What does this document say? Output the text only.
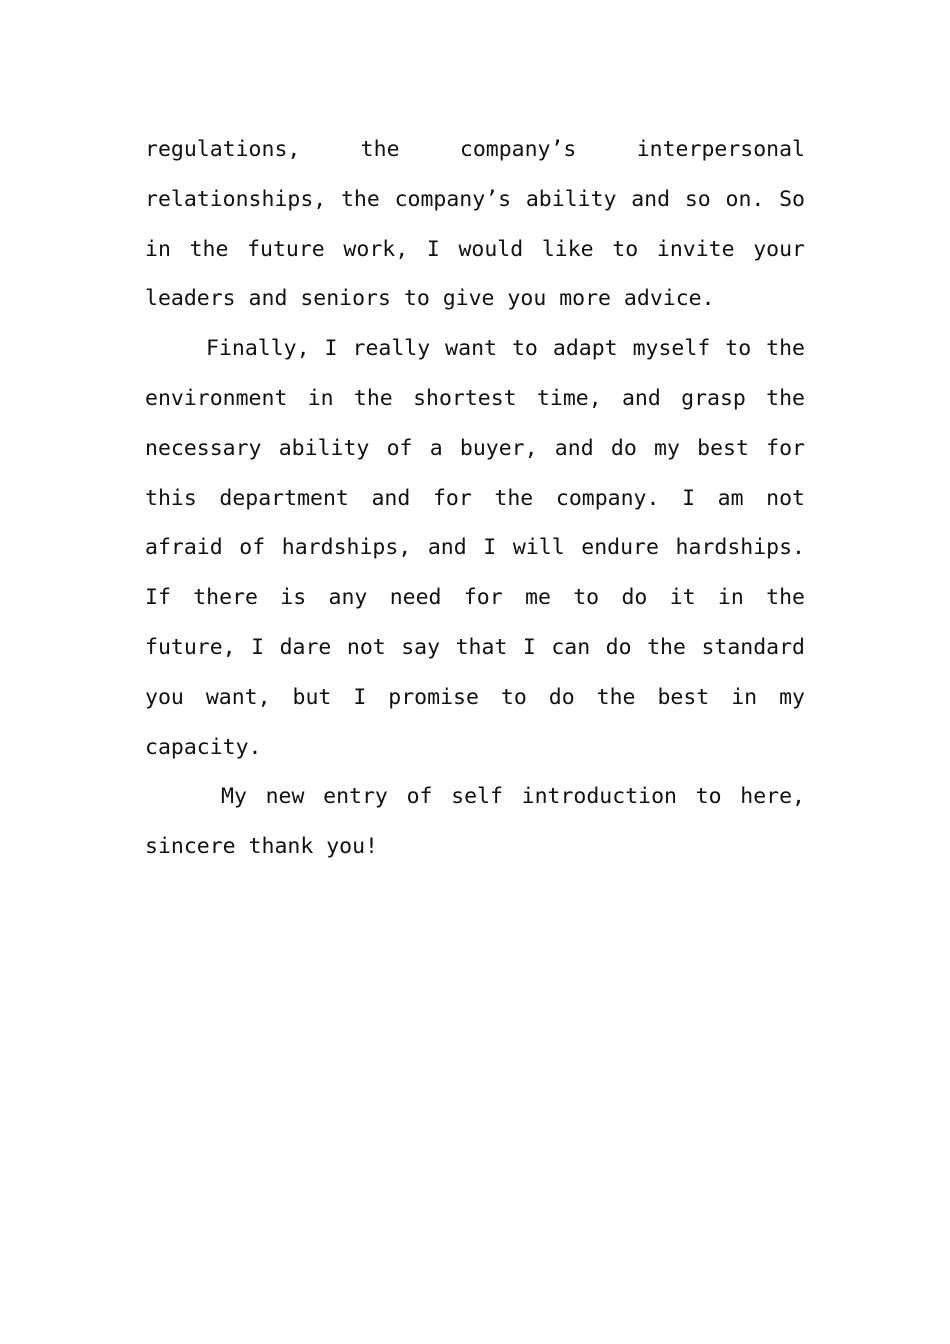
regulations, the company’s interpersonal relationships, the company’s ability and so on. So in the future work, I would like to invite your leaders and seniors to give you more advice.

Finally, I really want to adapt myself to the environment in the shortest time, and grasp the necessary ability of a buyer, and do my best for this department and for the company. I am not afraid of hardships, and I will endure hardships. If there is any need for me to do it in the future, I dare not say that I can do the standard you want, but I promise to do the best in my capacity.

My new entry of self introduction to here, sincere thank you!
